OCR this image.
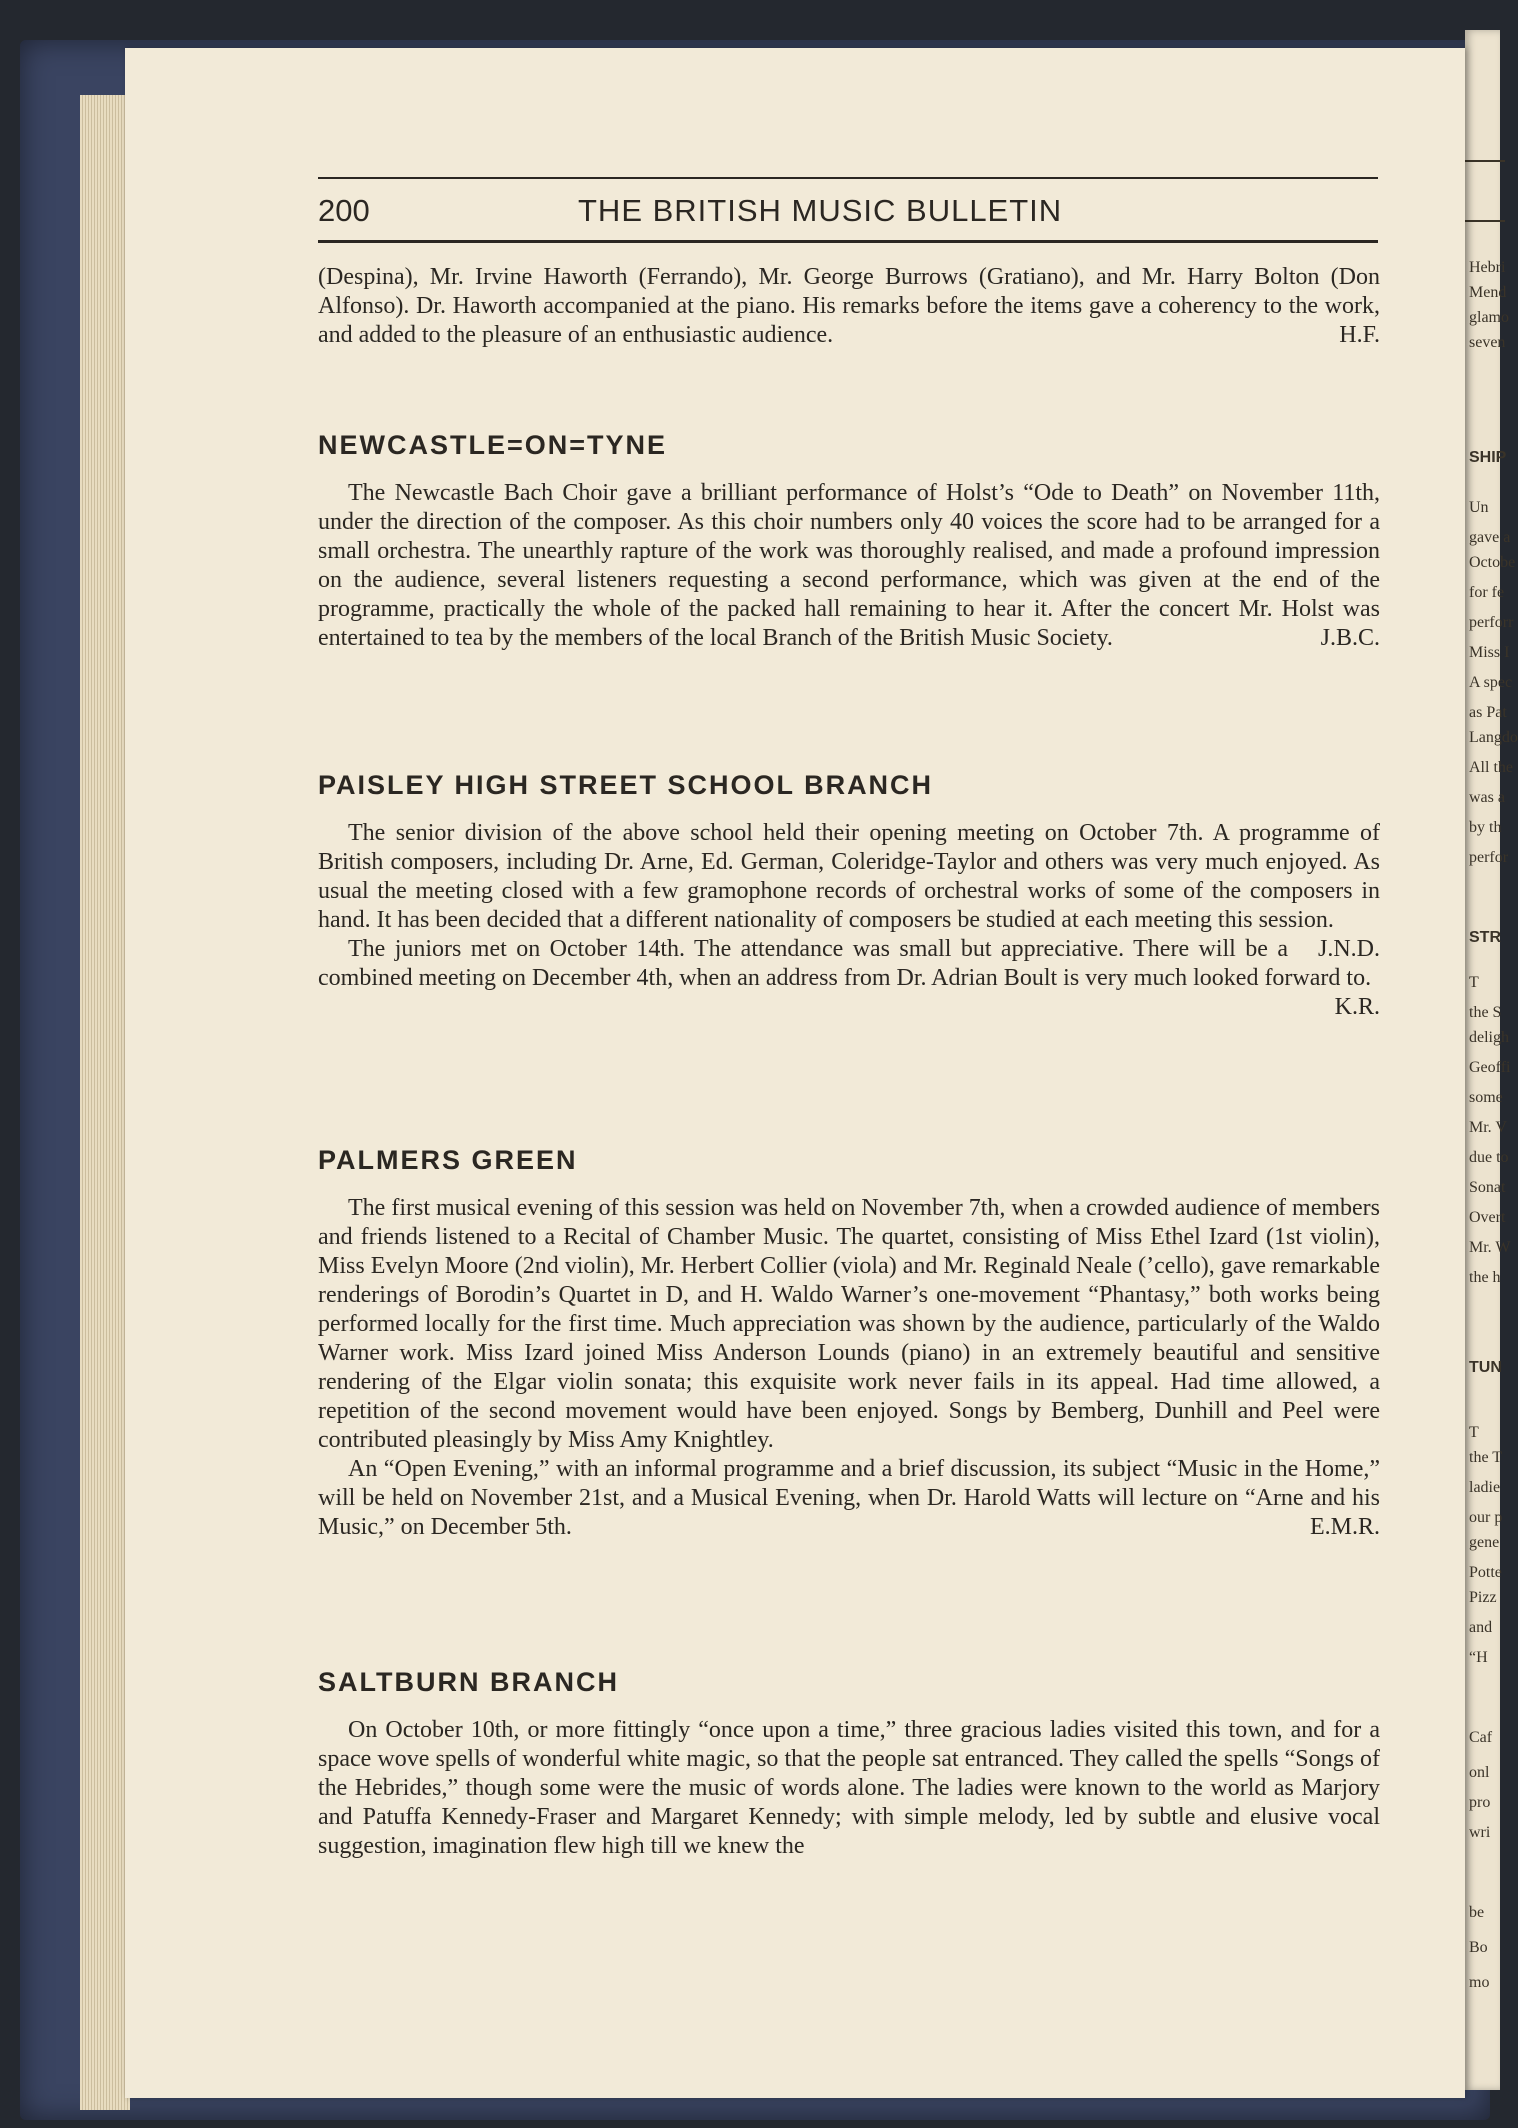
Hebri
Mend
glamo
seven
SHIP
Un
gave a
Octobe
for fe
perforr
Miss I
A spec
as Pat
Langdo
All the
was a
by th
perfor
STR
T
the S
deligh
Geoffi
some
Mr. V
due to
Sonat
Overt
Mr. W
the h
TUN
T
the T
ladie
our p
gene
Potte
Pizz
and
“H
Caf
onl
pro
wri
be
Bo
mo
200	THE BRITISH MUSIC BULLETIN

(Despina), Mr. Irvine Haworth (Ferrando), Mr. George Burrows (Gratiano), and Mr. Harry Bolton (Don Alfonso). Dr. Haworth accompanied at the piano. His remarks before the items gave a coherency to the work, and added to the pleasure of an enthusiastic audience.	H.F.

NEWCASTLE=ON=TYNE

The Newcastle Bach Choir gave a brilliant performance of Holst’s “Ode to Death” on November 11th, under the direction of the composer. As this choir numbers only 40 voices the score had to be arranged for a small orchestra. The unearthly rapture of the work was thoroughly realised, and made a profound impression on the audience, several listeners requesting a second performance, which was given at the end of the programme, practically the whole of the packed hall remaining to hear it. After the concert Mr. Holst was entertained to tea by the members of the local Branch of the British Music Society.	J.B.C.

PAISLEY HIGH STREET SCHOOL BRANCH

The senior division of the above school held their opening meeting on October 7th. A programme of British composers, including Dr. Arne, Ed. German, Coleridge-Taylor and others was very much enjoyed. As usual the meeting closed with a few gramophone records of orchestral works of some of the composers in hand. It has been decided that a different nationality of composers be studied at each meeting this session.
J.N.D.

The juniors met on October 14th. The attendance was small but appreciative. There will be a combined meeting on December 4th, when an address from Dr. Adrian Boult is very much looked forward to.
K.R.

PALMERS GREEN

The first musical evening of this session was held on November 7th, when a crowded audience of members and friends listened to a Recital of Chamber Music. The quartet, consisting of Miss Ethel Izard (1st violin), Miss Evelyn Moore (2nd violin), Mr. Herbert Collier (viola) and Mr. Reginald Neale (’cello), gave remarkable renderings of Borodin’s Quartet in D, and H. Waldo Warner’s one-movement “Phantasy,” both works being performed locally for the first time. Much appreciation was shown by the audience, particularly of the Waldo Warner work. Miss Izard joined Miss Anderson Lounds (piano) in an extremely beautiful and sensitive rendering of the Elgar violin sonata; this exquisite work never fails in its appeal. Had time allowed, a repetition of the second movement would have been enjoyed. Songs by Bemberg, Dunhill and Peel were contributed pleasingly by Miss Amy Knightley.

An “Open Evening,” with an informal programme and a brief discussion, its subject “Music in the Home,” will be held on November 21st, and a Musical Evening, when Dr. Harold Watts will lecture on “Arne and his Music,” on December 5th.	E.M.R.

SALTBURN BRANCH

On October 10th, or more fittingly “once upon a time,” three gracious ladies visited this town, and for a space wove spells of wonderful white magic, so that the people sat entranced. They called the spells “Songs of the Hebrides,” though some were the music of words alone. The ladies were known to the world as Marjory and Patuffa Kennedy-Fraser and Margaret Kennedy; with simple melody, led by subtle and elusive vocal suggestion, imagination flew high till we knew the
